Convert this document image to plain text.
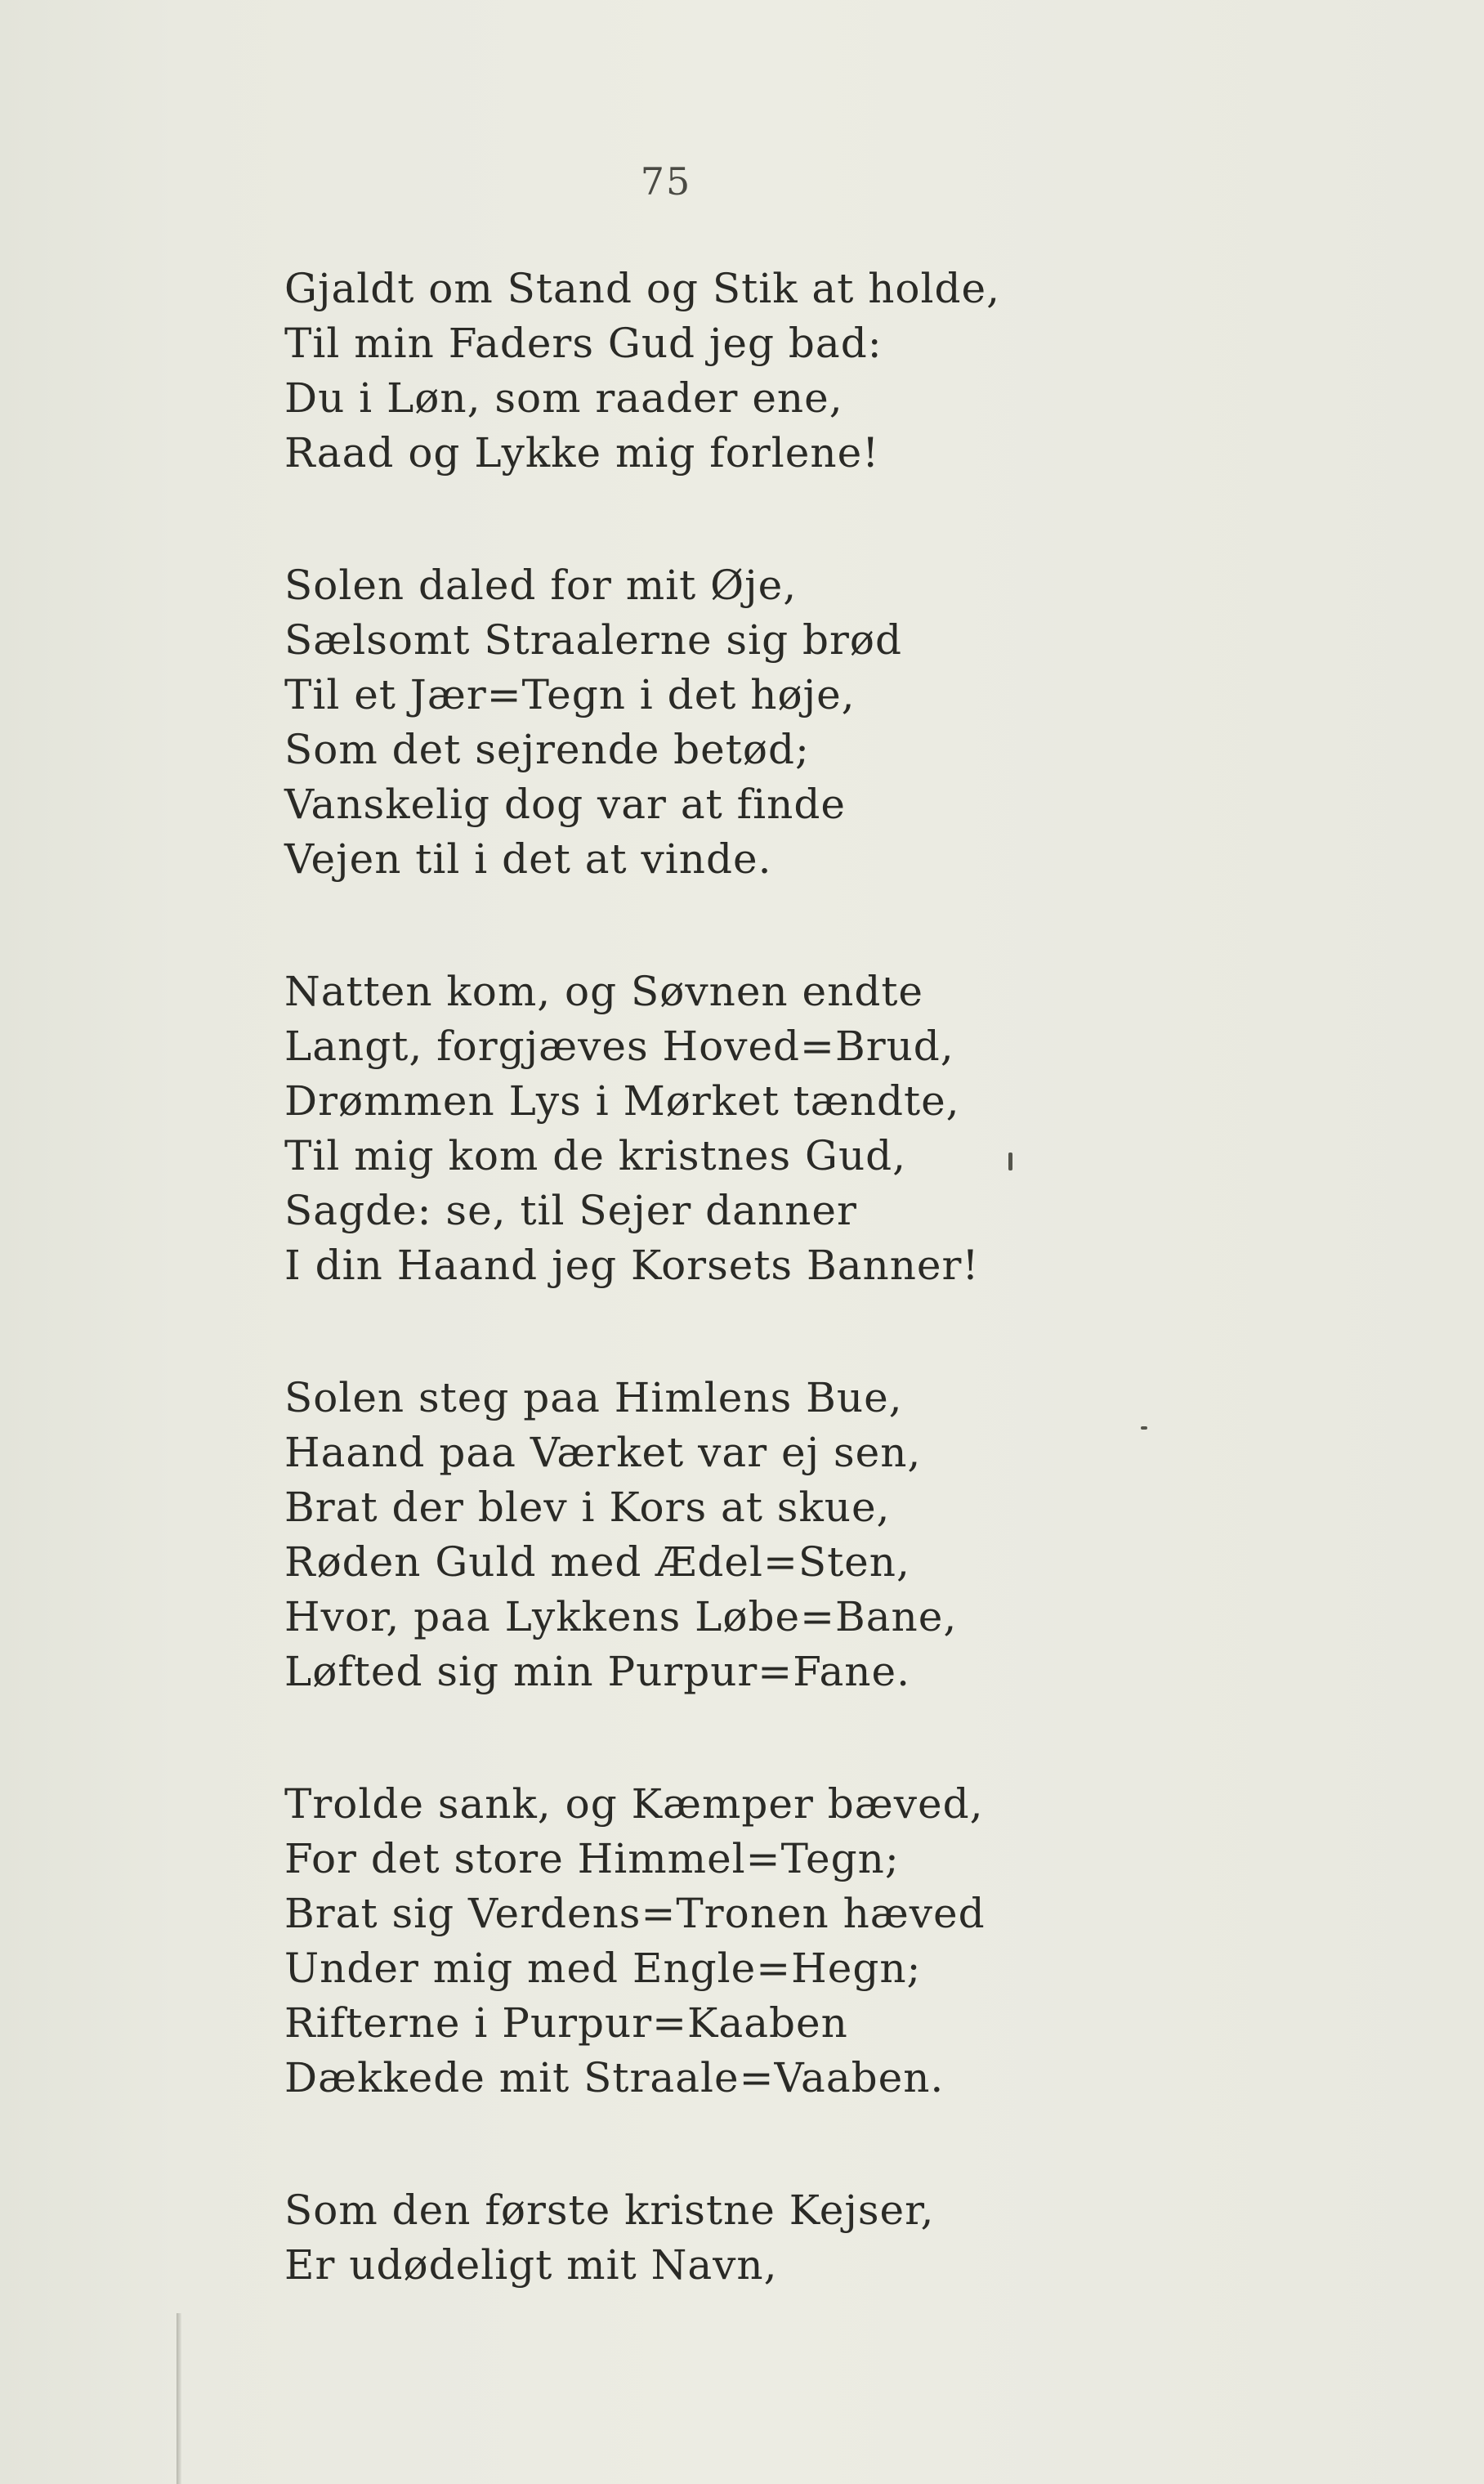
75
Gjaldt om Stand og Stik at holde,
Til min Faders Gud jeg bad:
Du i Løn, som raader ene,
Raad og Lykke mig forlene!
Solen daled for mit Øje,
Sælsomt Straalerne sig brød
Til et Jær=Tegn i det høje,
Som det sejrende betød;
Vanskelig dog var at finde
Vejen til i det at vinde.
Natten kom, og Søvnen endte
Langt, forgjæves Hoved=Brud,
Drømmen Lys i Mørket tændte,
Til mig kom de kristnes Gud,
Sagde: se, til Sejer danner
I din Haand jeg Korsets Banner!
Solen steg paa Himlens Bue,
Haand paa Værket var ej sen,
Brat der blev i Kors at skue,
Røden Guld med Ædel=Sten,
Hvor, paa Lykkens Løbe=Bane,
Løfted sig min Purpur=Fane.
Trolde sank, og Kæmper bæved,
For det store Himmel=Tegn;
Brat sig Verdens=Tronen hæved
Under mig med Engle=Hegn;
Rifterne i Purpur=Kaaben
Dækkede mit Straale=Vaaben.
Som den første kristne Kejser,
Er udødeligt mit Navn,
